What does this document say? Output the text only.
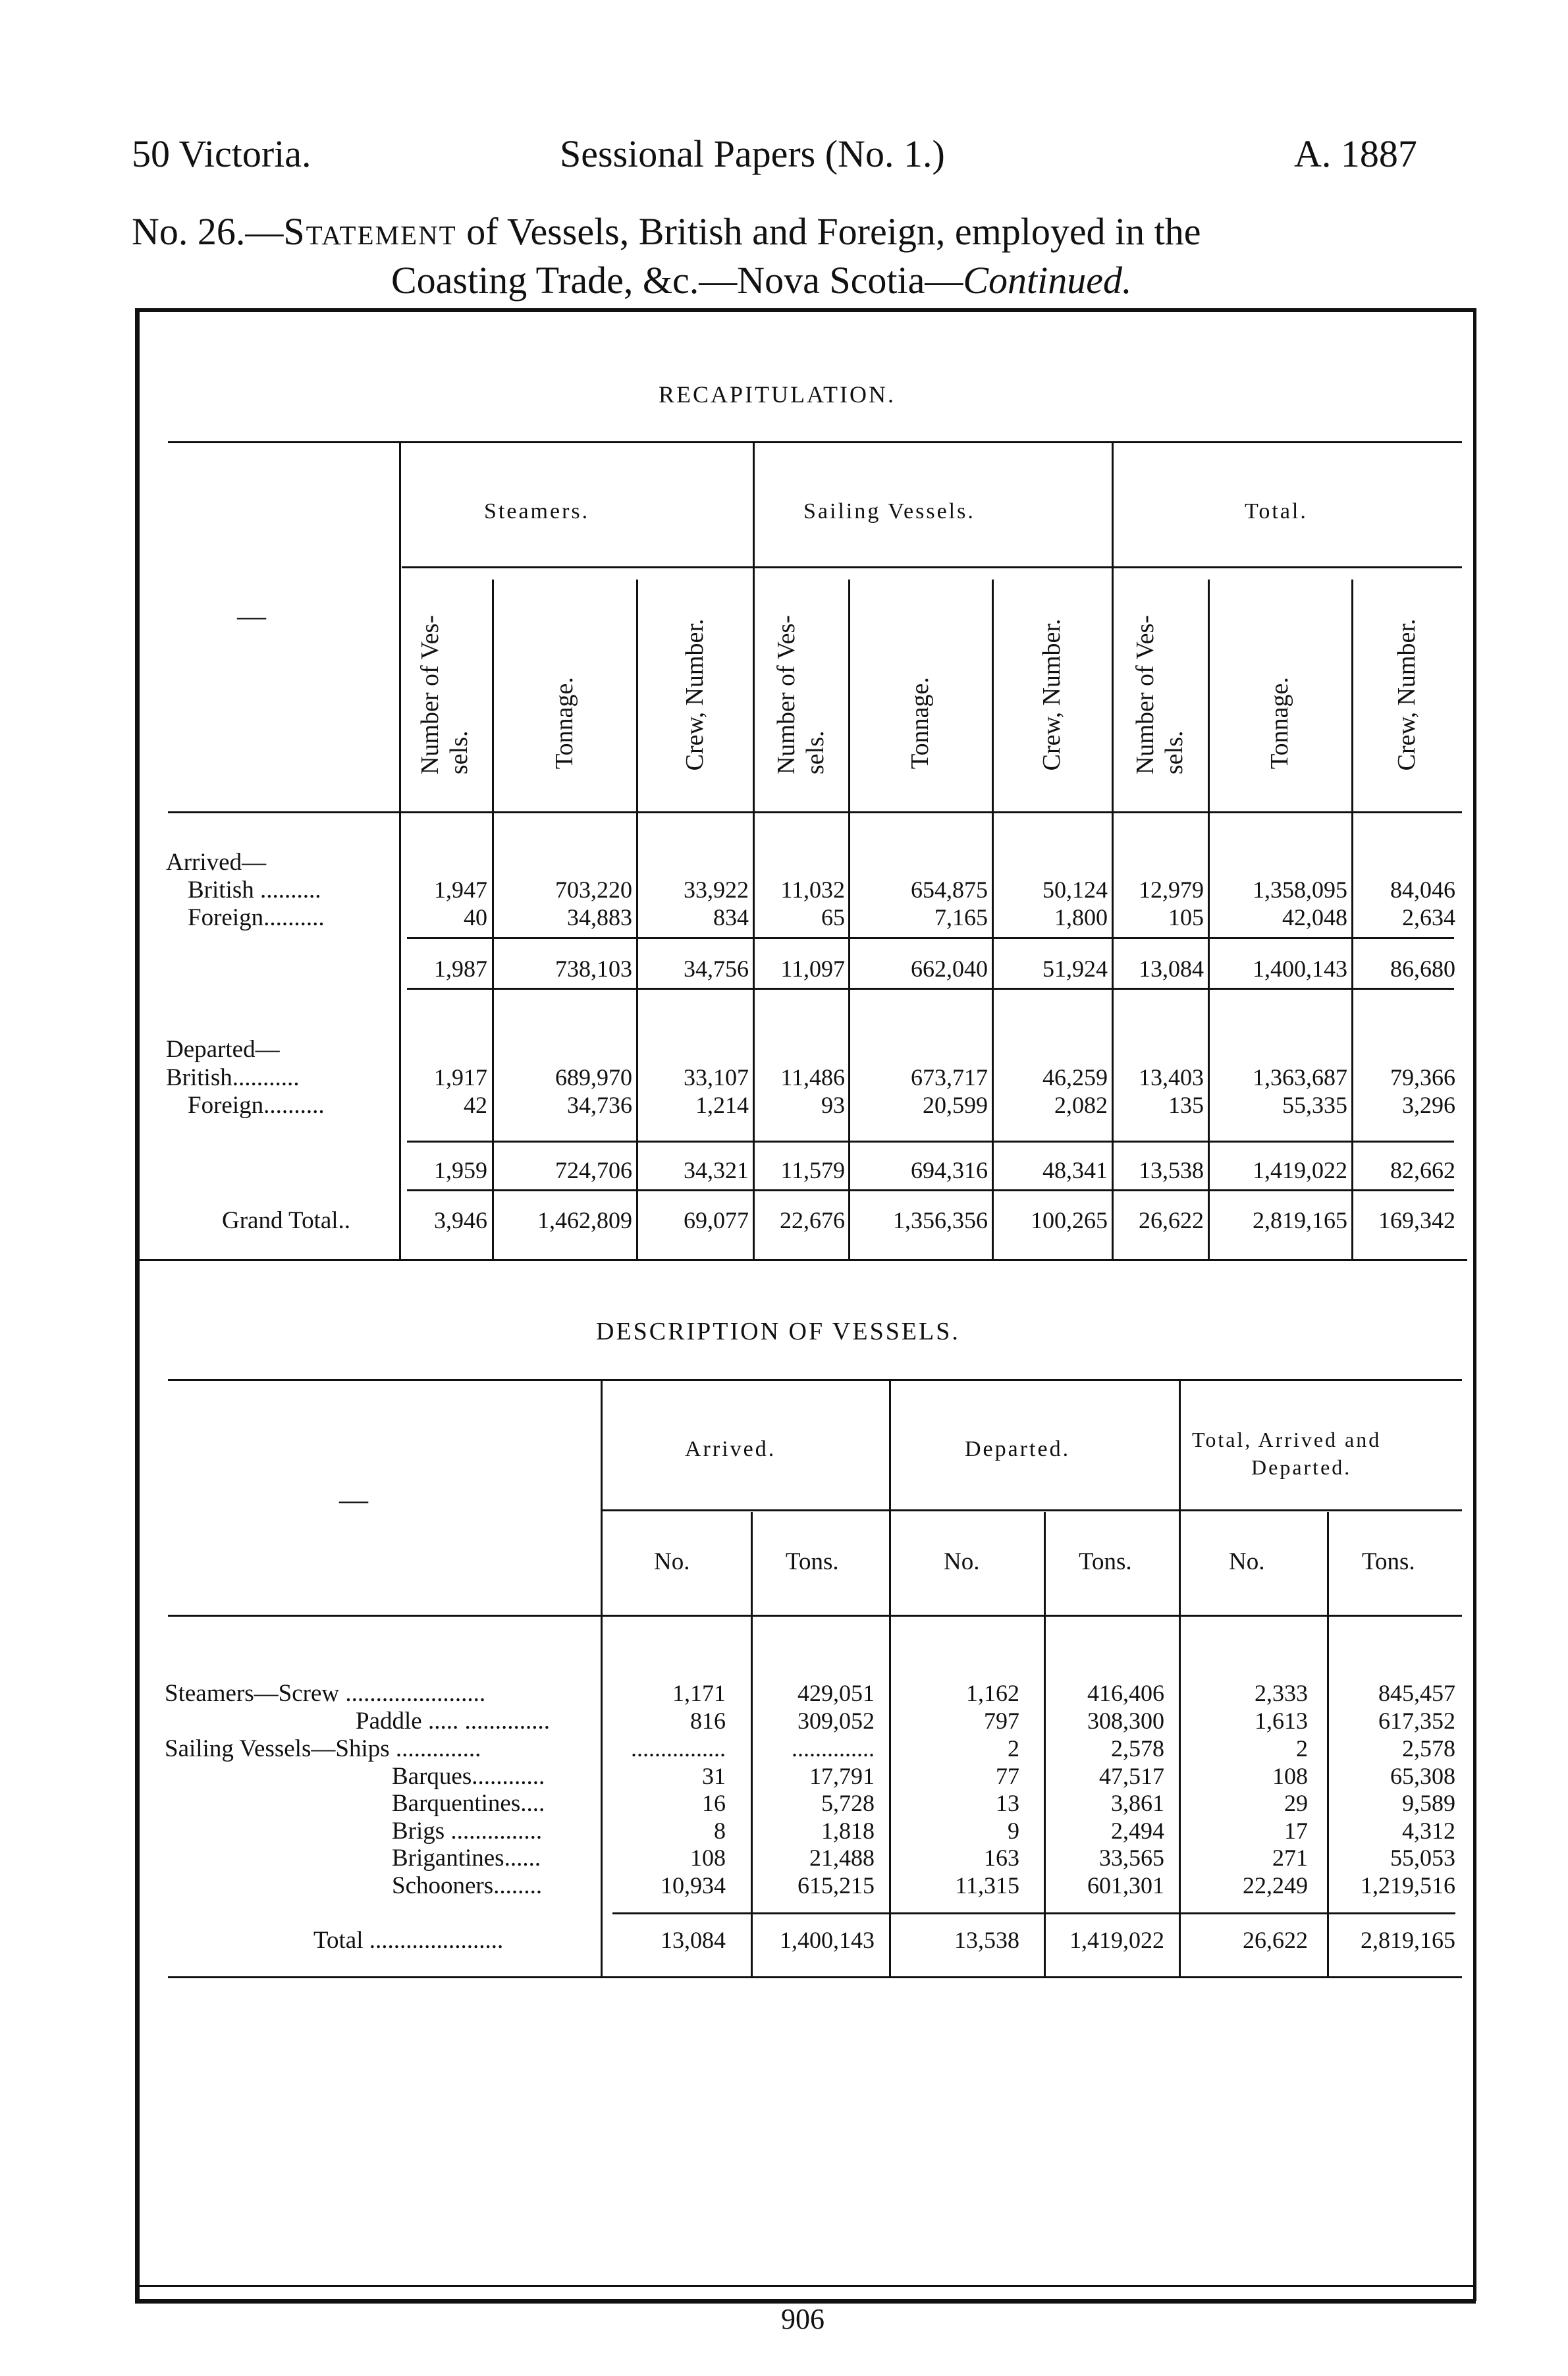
50 Victoria.	Sessional Papers (No. 1.)	A. 1887
No. 26.—Statement of Vessels, British and Foreign, employed in the
Coasting Trade, &c.—Nova Scotia—Continued.
RECAPITULATION.
Steamers.	Sailing Vessels.	Total.
—
Arrived—
Departed—
Number of Ves- sels.	Tonnage.	Crew, Number.	Number of Ves- sels.	Tonnage.	Crew, Number.	Number of Ves- sels.	Tonnage.	Crew, Number.
British ..........	1,947	703,220 33,922 11,032	654,875 50,124 12,979 1,358,095 84,046
Foreign..........	40	34,883	834	65	7,165	1,800	105	42,048 2,634
1,987	738,103 34,756 11,097	662,040 51,924 13,084 1,400,143 86,680
British...........	1,917	689,970 33,107 11,486	673,717 46,259 13,403 1,363,687 79,366
Foreign..........	42	34,736	1,214	93	20,599	2,082	135	55,335 3,296
1,959	724,706 34,321 11,579	694,316 48,341 13,538 1,419,022 82,662
Grand Total..	3,946 1,462,809 69,077 22,676 1,356,356 100,265 26,622 2,819,165 169,342
DESCRIPTION OF VESSELS.
—
Arrived.	Departed.	Total, Arrived and
Departed.
No.	Tons.	No.	Tons.	No.	Tons.
Steamers—Screw .......................	1,171	429,051	1,162	416,406	2,333	845,457
Paddle ..... ..............	816	309,052	797	308,300	1,613	617,352
Sailing Vessels—Ships ..............	................	..............	2	2,578	2	2,578
Barques............	31	17,791	77	47,517	108	65,308
Barquentines....	16	5,728	13	3,861	29	9,589
Brigs ...............	8	1,818	9	2,494	17	4,312
Brigantines......	108	21,488	163	33,565	271	55,053
Schooners........	10,934	615,215	11,315	601,301	22,249 1,219,516
Total ......................	13,084 1,400,143	13,538 1,419,022	26,622 2,819,165
906
